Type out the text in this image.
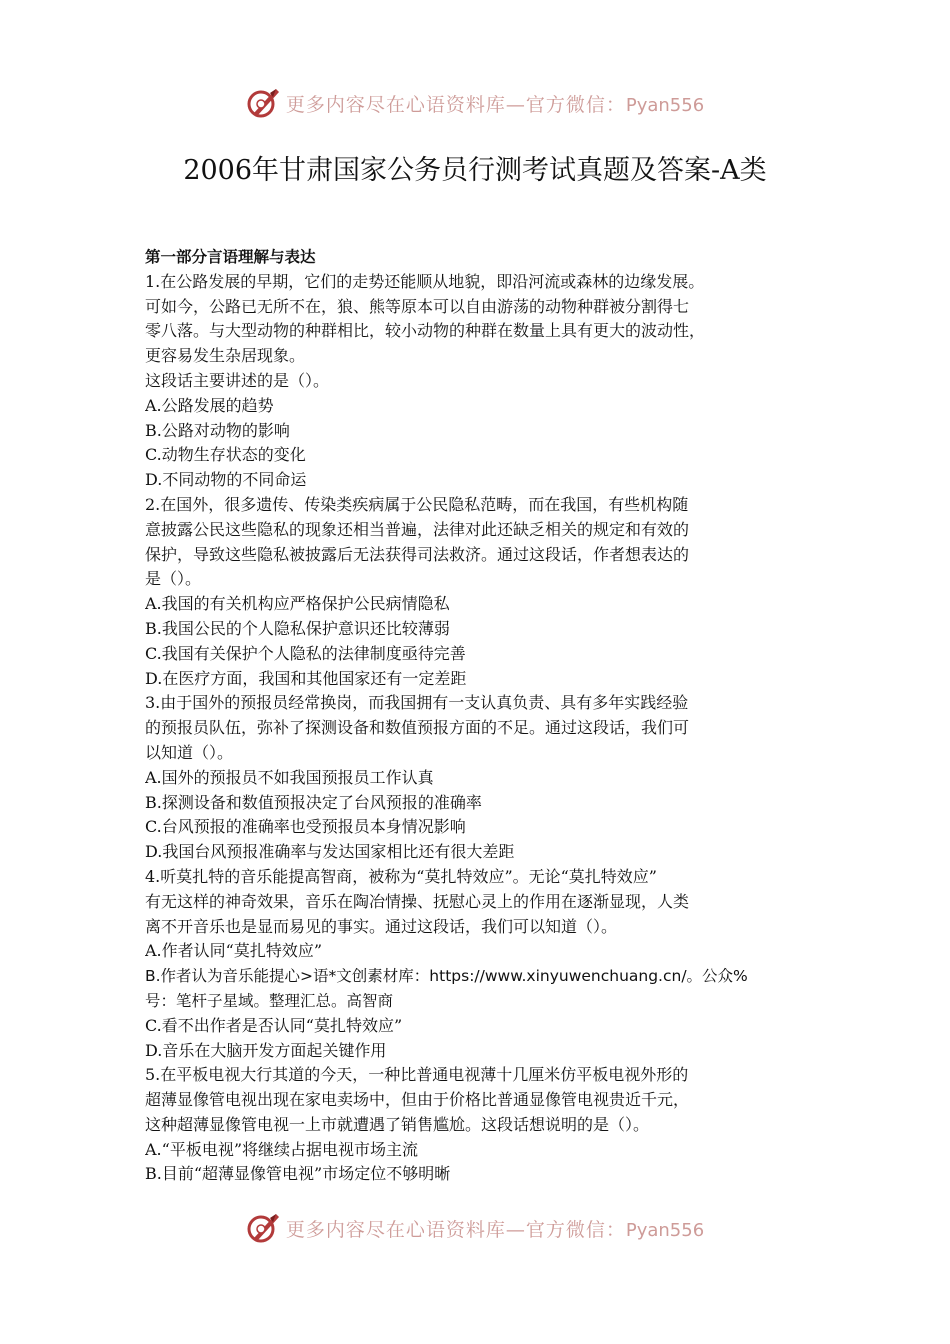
更多内容尽在心语资料库—官方微信：Pyan556
2006年甘肃国家公务员行测考试真题及答案-A类
第一部分言语理解与表达
1.在公路发展的早期，它们的走势还能顺从地貌，即沿河流或森林的边缘发展。
可如今，公路已无所不在，狼、熊等原本可以自由游荡的动物种群被分割得七
零八落。与大型动物的种群相比，较小动物的种群在数量上具有更大的波动性，
更容易发生杂居现象。
这段话主要讲述的是（）。
A.公路发展的趋势
B.公路对动物的影响
C.动物生存状态的变化
D.不同动物的不同命运
2.在国外，很多遗传、传染类疾病属于公民隐私范畴，而在我国，有些机构随
意披露公民这些隐私的现象还相当普遍，法律对此还缺乏相关的规定和有效的
保护，导致这些隐私被披露后无法获得司法救济。通过这段话，作者想表达的
是（）。
A.我国的有关机构应严格保护公民病情隐私
B.我国公民的个人隐私保护意识还比较薄弱
C.我国有关保护个人隐私的法律制度亟待完善
D.在医疗方面，我国和其他国家还有一定差距
3.由于国外的预报员经常换岗，而我国拥有一支认真负责、具有多年实践经验
的预报员队伍，弥补了探测设备和数值预报方面的不足。通过这段话，我们可
以知道（）。
A.国外的预报员不如我国预报员工作认真
B.探测设备和数值预报决定了台风预报的准确率
C.台风预报的准确率也受预报员本身情况影响
D.我国台风预报准确率与发达国家相比还有很大差距
4.听莫扎特的音乐能提高智商，被称为“莫扎特效应”。无论“莫扎特效应”
有无这样的神奇效果，音乐在陶冶情操、抚慰心灵上的作用在逐渐显现，人类
离不开音乐也是显而易见的事实。通过这段话，我们可以知道（）。
A.作者认同“莫扎特效应”
B.作者认为音乐能提心>语*文创素材库：https://www.xinyuwenchuang.cn/。公众%
号：笔杆子星域。整理汇总。高智商
C.看不出作者是否认同“莫扎特效应”
D.音乐在大脑开发方面起关键作用
5.在平板电视大行其道的今天，一种比普通电视薄十几厘米仿平板电视外形的
超薄显像管电视出现在家电卖场中，但由于价格比普通显像管电视贵近千元，
这种超薄显像管电视一上市就遭遇了销售尴尬。这段话想说明的是（）。
A.“平板电视”将继续占据电视市场主流
B.目前“超薄显像管电视”市场定位不够明晰
更多内容尽在心语资料库—官方微信：Pyan556
